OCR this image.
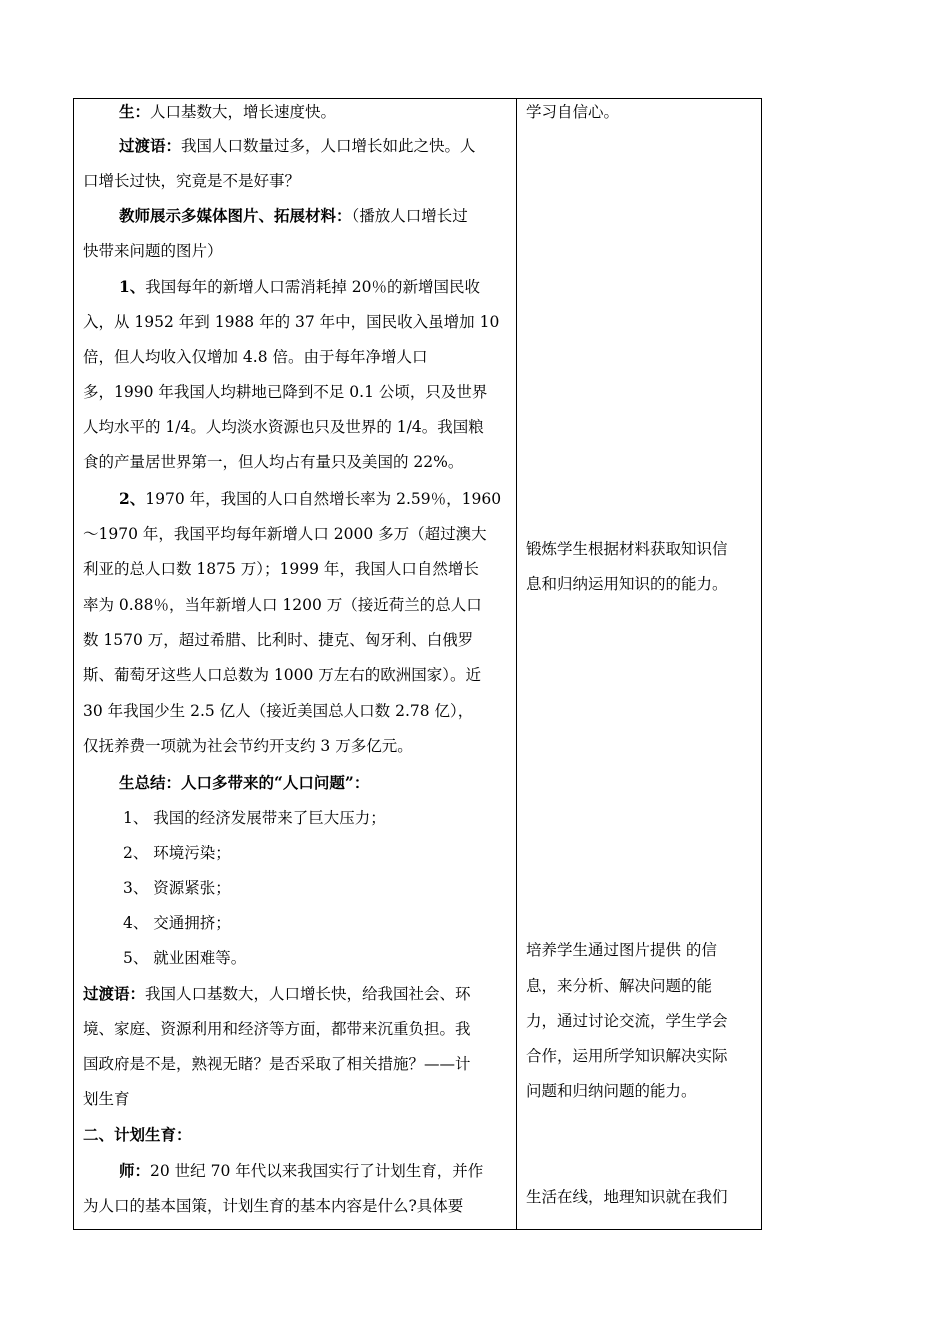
生：人口基数大，增长速度快。
过渡语：我国人口数量过多，人口增长如此之快。人
口增长过快，究竟是不是好事？
教师展示多媒体图片、拓展材料：（播放人口增长过
快带来问题的图片）
1、我国每年的新增人口需消耗掉 20％的新增国民收
入，从 1952 年到 1988 年的 37 年中，国民收入虽增加 10
倍，但人均收入仅增加 4.8 倍。由于每年净增人口
多，1990 年我国人均耕地已降到不足 0.1 公顷，只及世界
人均水平的 1/4。人均淡水资源也只及世界的 1/4。我国粮
食的产量居世界第一，但人均占有量只及美国的 22%。
2、1970 年，我国的人口自然增长率为 2.59％，1960
～1970 年，我国平均每年新增人口 2000 多万（超过澳大
利亚的总人口数 1875 万）；1999 年，我国人口自然增长
率为 0.88％，当年新增人口 1200 万（接近荷兰的总人口
数 1570 万，超过希腊、比利时、捷克、匈牙利、白俄罗
斯、葡萄牙这些人口总数为 1000 万左右的欧洲国家）。近
30 年我国少生 2.5 亿人（接近美国总人口数 2.78 亿），
仅抚养费一项就为社会节约开支约 3 万多亿元。
生总结：人口多带来的“人口问题”：
1、 我国的经济发展带来了巨大压力；
2、 环境污染；
3、 资源紧张；
4、 交通拥挤；
5、 就业困难等。
过渡语：我国人口基数大，人口增长快，给我国社会、环
境、家庭、资源利用和经济等方面，都带来沉重负担。我
国政府是不是，熟视无睹？是否采取了相关措施？——计
划生育
二、计划生育：
师：20 世纪 70 年代以来我国实行了计划生育，并作
为人口的基本国策，计划生育的基本内容是什么?具体要
学习自信心。
锻炼学生根据材料获取知识信
息和归纳运用知识的的能力。
培养学生通过图片提供 的信
息，来分析、解决问题的能
力，通过讨论交流，学生学会
合作，运用所学知识解决实际
问题和归纳问题的能力。
生活在线，地理知识就在我们
